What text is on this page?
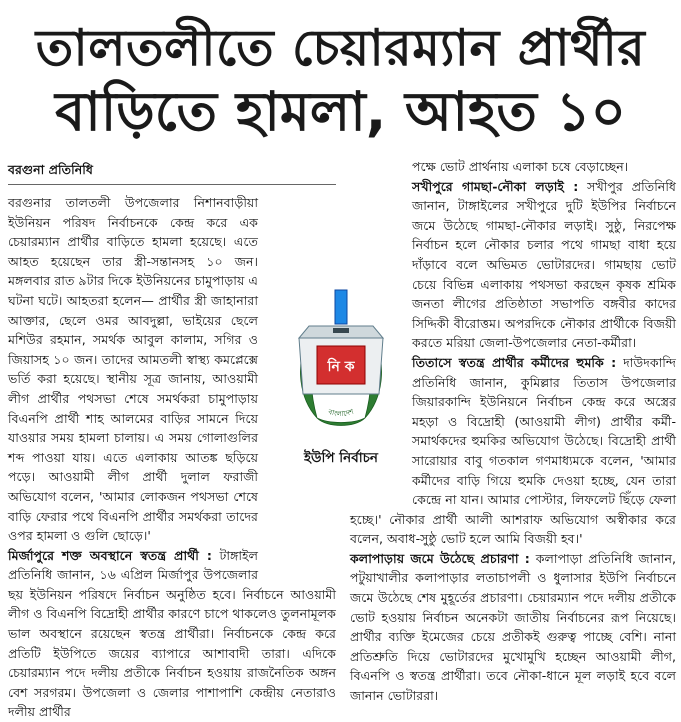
তালতলীতে চেয়ারম্যান প্রার্থীর
বাড়িতে হামলা, আহত ১০
বরগুনা প্রতিনিধি

বরগুনার তালতলী উপজেলার নিশানবাড়ীয়া ইউনিয়ন পরিষদ নির্বাচনকে কেন্দ্র করে এক চেয়ারম্যান প্রার্থীর বাড়িতে হামলা হয়েছে। এতে আহত হয়েছেন তার স্ত্রী-সন্তানসহ ১০ জন। মঙ্গলবার রাত ৯টার দিকে ইউনিয়নের চামুপাড়ায় এ ঘটনা ঘটে। আহতরা হলেন— প্রার্থীর স্ত্রী জাহানারা আক্তার, ছেলে ওমর আবদুল্লা, ভাইয়ের ছেলে মশিউর রহমান, সমর্থক আবুল কালাম, সগির ও জিয়াসহ ১০ জন। তাদের আমতলী স্বাস্থ্য কমপ্লেক্সে ভর্তি করা হয়েছে। স্থানীয় সূত্র জানায়, আওয়ামী লীগ প্রার্থীর পথসভা শেষে সমর্থকরা চামুপাড়ায় বিএনপি প্রার্থী শাহ আলমের বাড়ির সামনে দিয়ে যাওয়ার সময় হামলা চালায়। এ সময় গোলাগুলির শব্দ পাওয়া যায়। এতে এলাকায় আতঙ্ক ছড়িয়ে পড়ে। আওয়ামী লীগ প্রার্থী দুলাল ফরাজী অভিযোগ বলেন, 'আমার লোকজন পথসভা শেষে বাড়ি ফেরার পথে বিএনপি প্রার্থীর সমর্থকরা তাদের ওপর হামলা ও গুলি ছোড়ে।'

মির্জাপুরে শক্ত অবস্থানে স্বতন্ত্র প্রার্থী : টাঙ্গাইল প্রতিনিধি জানান, ১৬ এপ্রিল মির্জাপুর উপজেলার ছয় ইউনিয়ন পরিষদে নির্বাচন অনুষ্ঠিত হবে। নির্বাচনে আওয়ামী লীগ ও বিএনপি বিদ্রোহী প্রার্থীর কারণে চাপে থাকলেও তুলনামূলক ভাল অবস্থানে রয়েছেন স্বতন্ত্র প্রার্থীরা। নির্বাচনকে কেন্দ্র করে প্রতিটি ইউপিতে জয়ের ব্যাপারে আশাবাদী তারা। এদিকে চেয়ারম্যান পদে দলীয় প্রতীকে নির্বাচন হওয়ায় রাজনৈতিক অঙ্গন বেশ সরগরম। উপজেলা ও জেলার পাশাপাশি কেন্দ্রীয় নেতারাও দলীয় প্রার্থীর

পক্ষে ভোট প্রার্থনায় এলাকা চষে বেড়াচ্ছেন।

সখীপুরে গামছা-নৌকা লড়াই : সখীপুর প্রতিনিধি জানান, টাঙ্গাইলের সখীপুরে দুটি ইউপির নির্বাচনে জমে উঠেছে গামছা-নৌকার লড়াই। সুষ্ঠু, নিরপেক্ষ নির্বাচন হলে নৌকার চলার পথে গামছা বাধা হয়ে দাঁড়াবে বলে অভিমত ভোটারদের। গামছায় ভোট চেয়ে বিভিন্ন এলাকায় পথসভা করছেন কৃষক শ্রমিক জনতা লীগের প্রতিষ্ঠাতা সভাপতি বঙ্গবীর কাদের সিদ্দিকী বীরোত্তম। অপরদিকে নৌকার প্রার্থীকে বিজয়ী করতে মরিয়া জেলা-উপজেলার নেতা-কর্মীরা।

তিতাসে স্বতন্ত্র প্রার্থীর কর্মীদের হুমকি : দাউদকান্দি প্রতিনিধি জানান, কুমিল্লার তিতাস উপজেলার জিয়ারকান্দি ইউনিয়নে নির্বাচন কেন্দ্র করে অস্ত্রের মহড়া ও বিদ্রোহী (আওয়ামী লীগ) প্রার্থীর কর্মী-সমার্থকদের হুমকির অভিযোগ উঠেছে। বিদ্রোহী প্রার্থী সারোয়ার বাবু গতকাল গণমাধ্যমকে বলেন, 'আমার কর্মীদের বাড়ি গিয়ে হুমকি দেওয়া হচ্ছে, যেন তারা কেন্দ্রে না যান। আমার পোস্টার, লিফলেট ছিঁড়ে ফেলা হচ্ছে।' নৌকার প্রার্থী আলী আশরাফ অভিযোগ অস্বীকার করে বলেন, অবাধ-সুষ্ঠু ভোট হলে আমি বিজয়ী হব।'

কলাপাড়ায় জমে উঠেছে প্রচারণা : কলাপাড়া প্রতিনিধি জানান, পটুয়াখালীর কলাপাড়ার লতাচাপলী ও ধুলাসার ইউপি নির্বাচনে জমে উঠেছে শেষ মুহূর্তের প্রচারণা। চেয়ারম্যান পদে দলীয় প্রতীকে ভোট হওয়ায় নির্বাচন অনেকটা জাতীয় নির্বাচনের রূপ নিয়েছে। প্রার্থীর ব্যক্তি ইমেজের চেয়ে প্রতীকই গুরুত্ব পাচ্ছে বেশি। নানা প্রতিশ্রুতি দিয়ে ভোটারদের মুখোমুখি হচ্ছেন আওয়ামী লীগ, বিএনপি ও স্বতন্ত্র প্রার্থীরা। তবে নৌকা-ধানে মূল লড়াই হবে বলে জানান ভোটাররা।

নি ক
বাংলাদেশ
ইউপি নির্বাচন
